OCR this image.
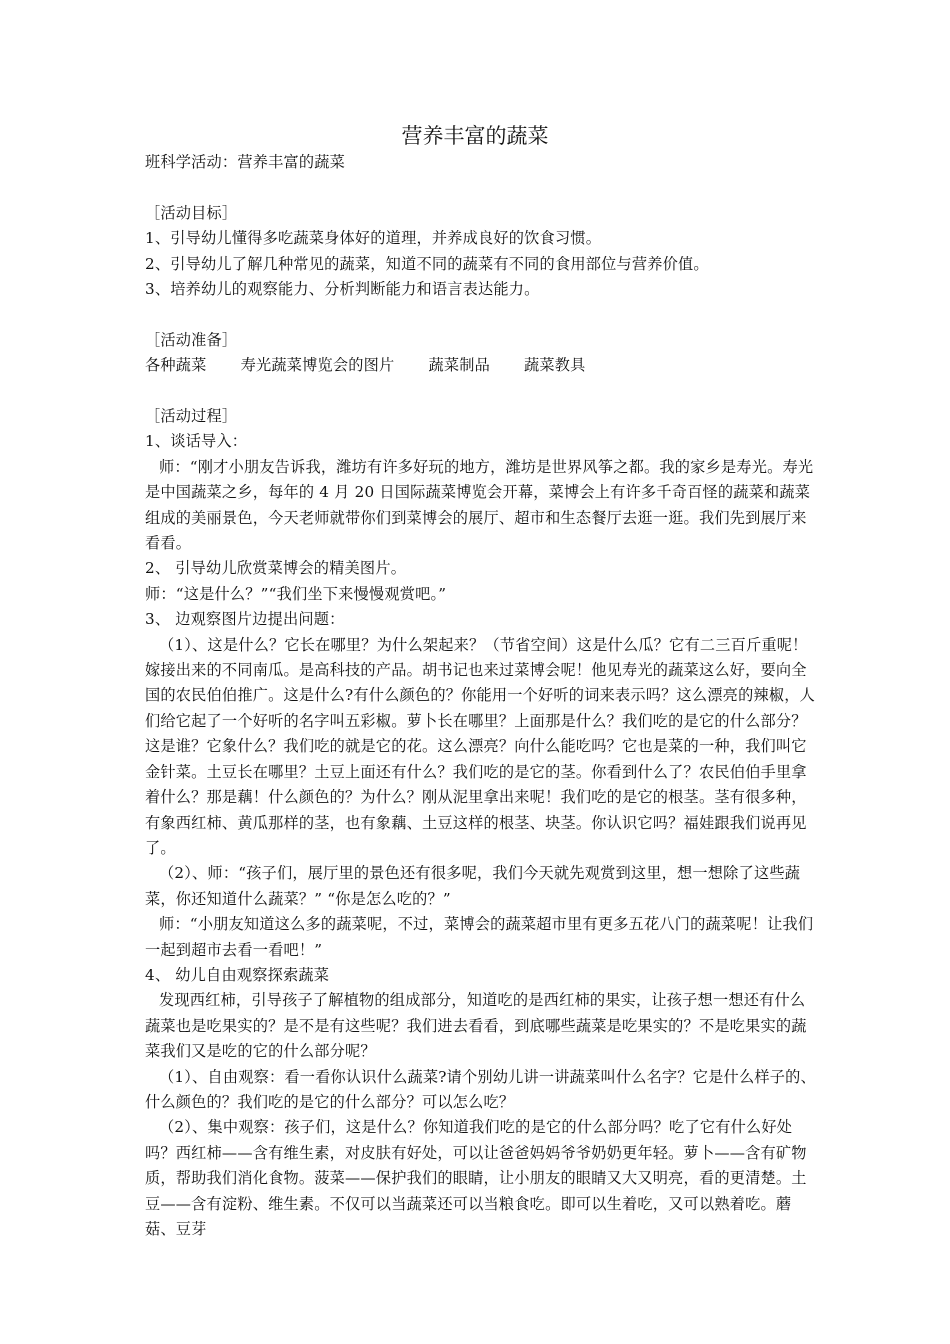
营养丰富的蔬菜

班科学活动：营养丰富的蔬菜

［活动目标］

1、引导幼儿懂得多吃蔬菜身体好的道理，并养成良好的饮食习惯。

2、引导幼儿了解几种常见的蔬菜，知道不同的蔬菜有不同的食用部位与营养价值。

3、培养幼儿的观察能力、分析判断能力和语言表达能力。

［活动准备］

各种蔬菜 寿光蔬菜博览会的图片 蔬菜制品 蔬菜教具

［活动过程］

1、谈话导入：

师：“刚才小朋友告诉我，潍坊有许多好玩的地方，潍坊是世界风筝之都。我的家乡是寿光。寿光是中国蔬菜之乡，每年的 4 月 20 日国际蔬菜博览会开幕，菜博会上有许多千奇百怪的蔬菜和蔬菜组成的美丽景色，今天老师就带你们到菜博会的展厅、超市和生态餐厅去逛一逛。我们先到展厅来看看。

2、 引导幼儿欣赏菜博会的精美图片。

师：“这是什么？”“我们坐下来慢慢观赏吧。”

3、 边观察图片边提出问题：

（1）、这是什么？它长在哪里？为什么架起来？（节省空间）这是什么瓜？它有二三百斤重呢！嫁接出来的不同南瓜。是高科技的产品。胡书记也来过菜博会呢！他见寿光的蔬菜这么好，要向全国的农民伯伯推广。这是什么?有什么颜色的？你能用一个好听的词来表示吗？这么漂亮的辣椒，人们给它起了一个好听的名字叫五彩椒。萝卜长在哪里？上面那是什么？我们吃的是它的什么部分？这是谁？它象什么？我们吃的就是它的花。这么漂亮？向什么能吃吗？它也是菜的一种，我们叫它金针菜。土豆长在哪里？土豆上面还有什么？我们吃的是它的茎。你看到什么了？农民伯伯手里拿着什么？那是藕！什么颜色的？为什么？刚从泥里拿出来呢！我们吃的是它的根茎。茎有很多种，有象西红柿、黄瓜那样的茎，也有象藕、土豆这样的根茎、块茎。你认识它吗？福娃跟我们说再见了。

（2）、师：“孩子们，展厅里的景色还有很多呢，我们今天就先观赏到这里，想一想除了这些蔬菜，你还知道什么蔬菜？” “你是怎么吃的？”

师：“小朋友知道这么多的蔬菜呢，不过，菜博会的蔬菜超市里有更多五花八门的蔬菜呢！让我们一起到超市去看一看吧！”

4、 幼儿自由观察探索蔬菜

发现西红柿，引导孩子了解植物的组成部分，知道吃的是西红柿的果实，让孩子想一想还有什么蔬菜也是吃果实的？是不是有这些呢？我们进去看看，到底哪些蔬菜是吃果实的？不是吃果实的蔬菜我们又是吃的它的什么部分呢？

（1）、自由观察：看一看你认识什么蔬菜?请个别幼儿讲一讲蔬菜叫什么名字？它是什么样子的、什么颜色的？我们吃的是它的什么部分？可以怎么吃？

（2）、集中观察：孩子们，这是什么？你知道我们吃的是它的什么部分吗？吃了它有什么好处吗？西红柿——含有维生素，对皮肤有好处，可以让爸爸妈妈爷爷奶奶更年轻。萝卜——含有矿物质，帮助我们消化食物。菠菜——保护我们的眼睛，让小朋友的眼睛又大又明亮，看的更清楚。土豆——含有淀粉、维生素。不仅可以当蔬菜还可以当粮食吃。即可以生着吃，又可以熟着吃。蘑菇、豆芽
